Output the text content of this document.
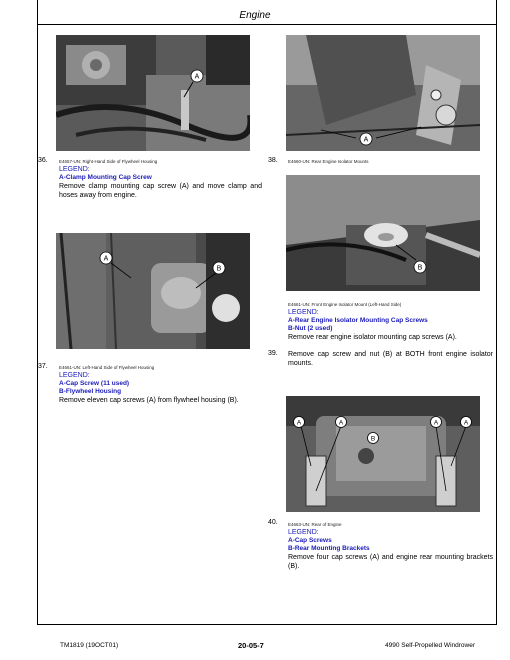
Engine
A
E4657-UN: Right-Hand Side of Flywheel Housing
36.
LEGEND:
A-Clamp Mounting Cap Screw
Remove clamp mounting cap screw (A) and move clamp and hoses away from engine.
A
B
37.	E4661-UN: Left-Hand Side of Flywheel Housing
LEGEND:
A-Cap Screw (11 used)
B-Flywheel Housing
Remove eleven cap screws (A) from flywheel housing (B).
A
38. E4660-UN: Rear Engine Isolator Mounts
B
E4661-UN: Front Engine Isolator Mount (Left-Hand Side)
LEGEND:
A-Rear Engine Isolator Mounting Cap Screws
B-Nut (2 used)
Remove rear engine isolator mounting cap screws (A).
39. Remove cap screw and nut (B) at BOTH front engine isolator mounts.
A	A
B
A	A
40. E4663-UN: Rear of Engine
LEGEND:
A-Cap Screws
B-Rear Mounting Brackets
Remove four cap screws (A) and engine rear mounting brackets (B).
TM1819 (19OCT01)	20-05-7	4990 Self-Propelled Windrower
